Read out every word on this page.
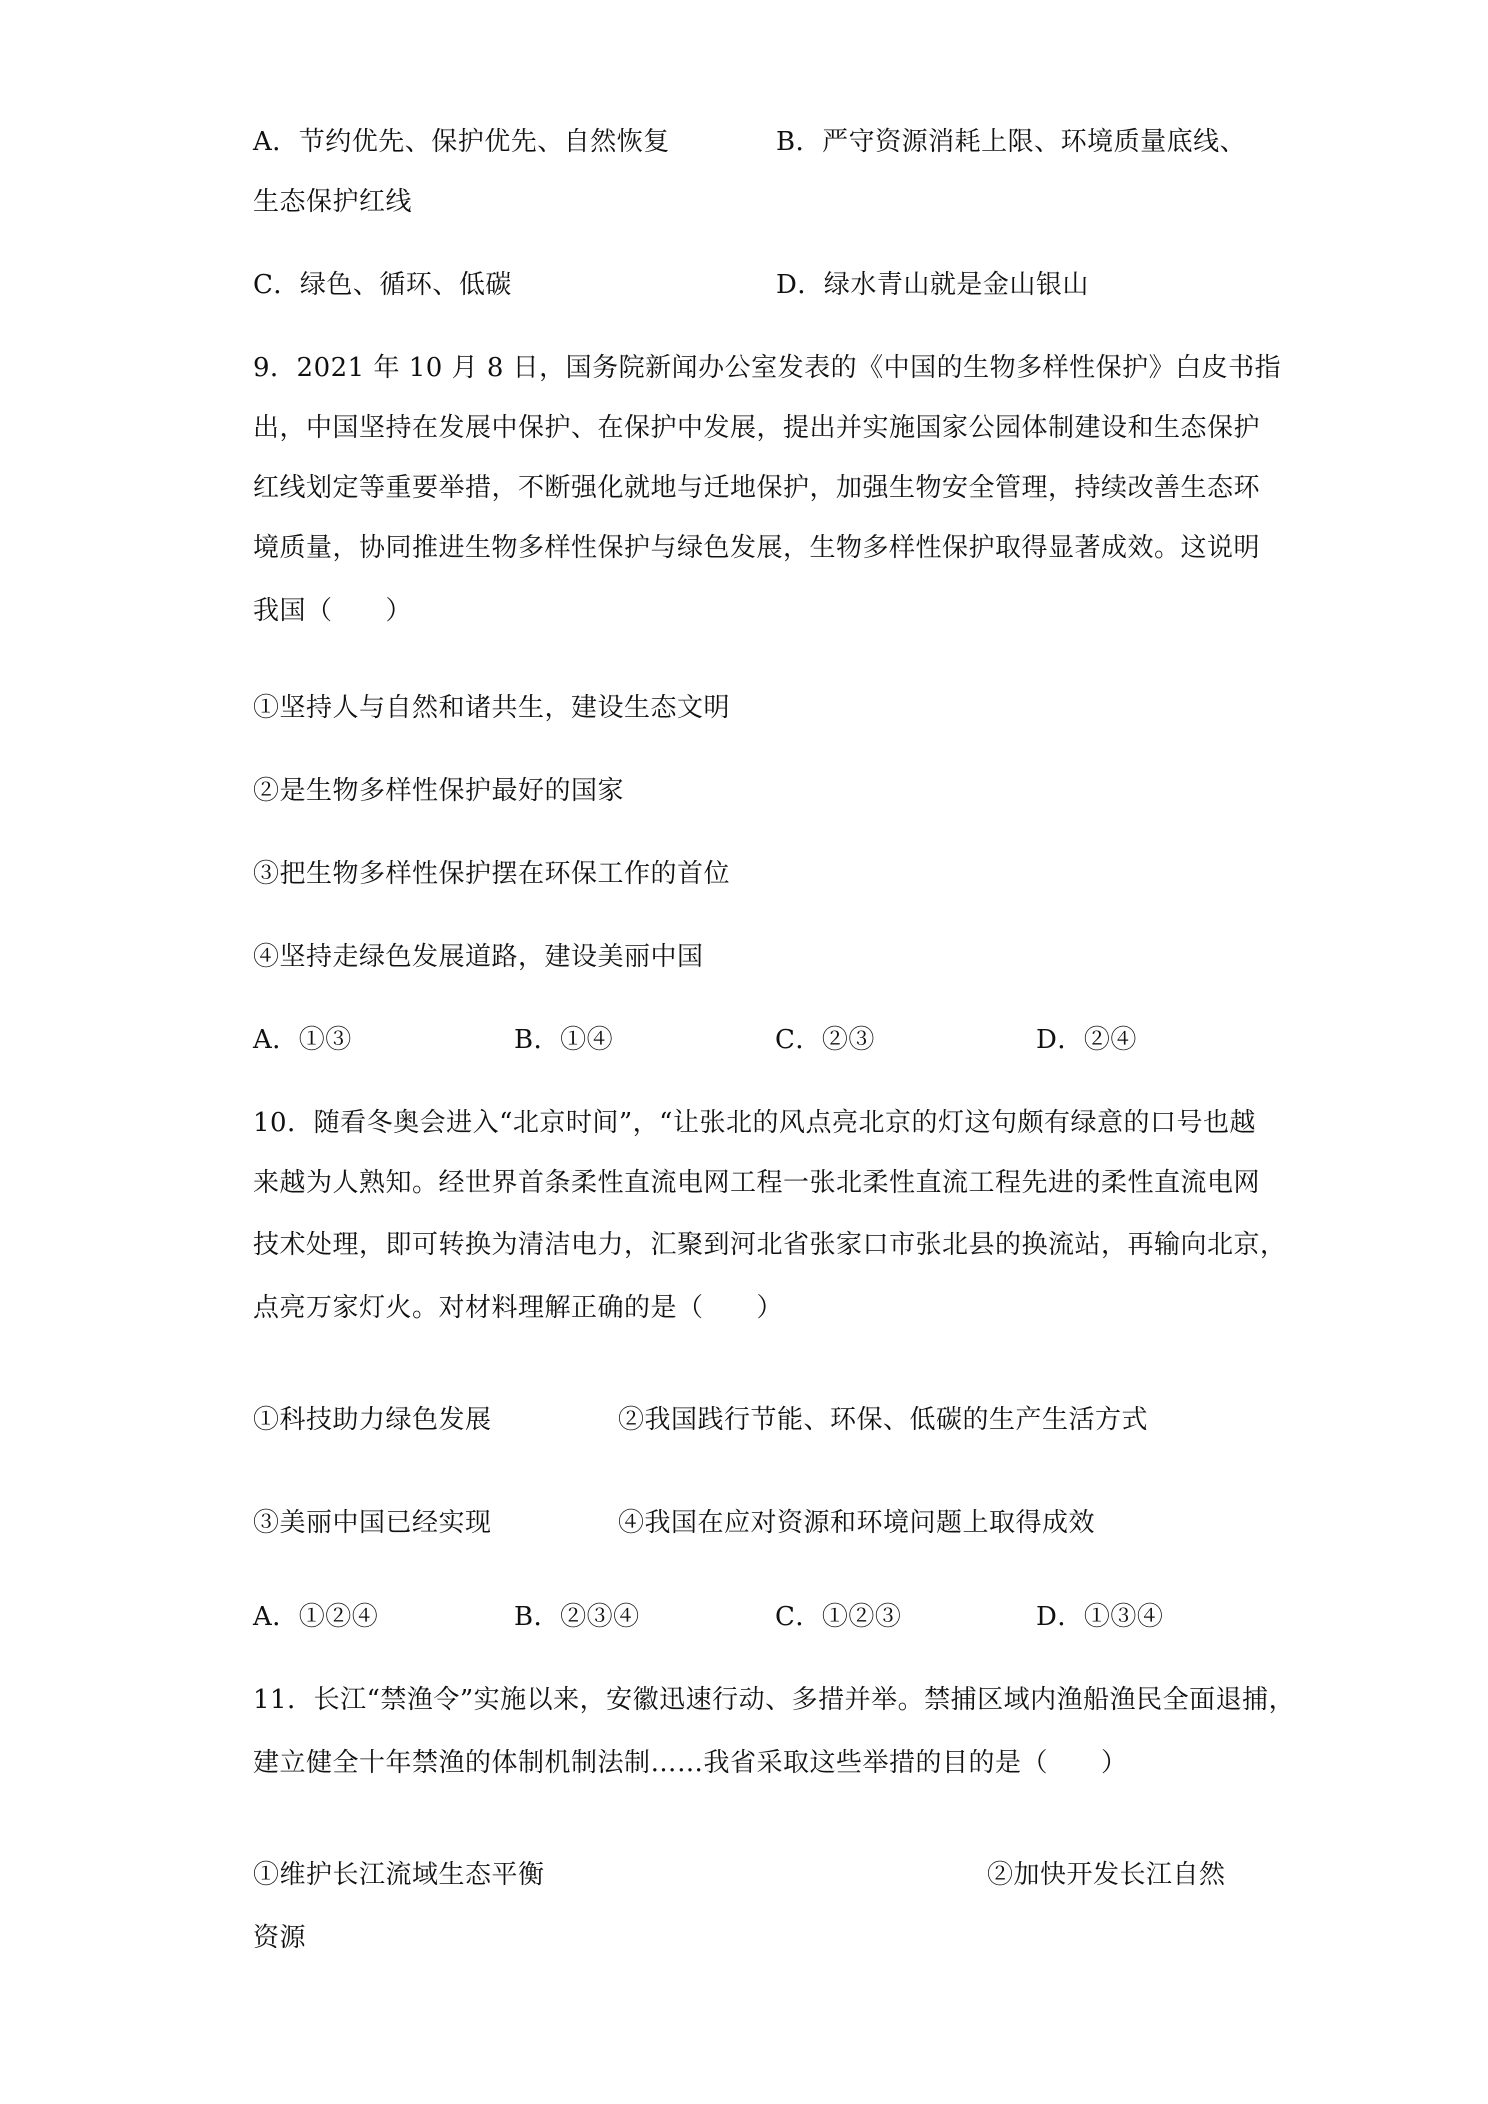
A．节约优先、保护优先、自然恢复	B．严守资源消耗上限、环境质量底线、
生态保护红线
C．绿色、循环、低碳	D．绿水青山就是金山银山
9．2021 年 10 月 8 日，国务院新闻办公室发表的《中国的生物多样性保护》白皮书指
出，中国坚持在发展中保护、在保护中发展，提出并实施国家公园体制建设和生态保护
红线划定等重要举措，不断强化就地与迁地保护，加强生物安全管理，持续改善生态环
境质量，协同推进生物多样性保护与绿色发展，生物多样性保护取得显著成效。这说明
我国（　　）
①坚持人与自然和诸共生，建设生态文明
②是生物多样性保护最好的国家
③把生物多样性保护摆在环保工作的首位
④坚持走绿色发展道路，建设美丽中国
A．①③	B．①④	C．②③	D．②④
10．随看冬奥会进入“北京时间”，“让张北的风点亮北京的灯这句颇有绿意的口号也越
来越为人熟知。经世界首条柔性直流电网工程一张北柔性直流工程先进的柔性直流电网
技术处理，即可转换为清洁电力，汇聚到河北省张家口市张北县的换流站，再输向北京，
点亮万家灯火。对材料理解正确的是（　　）
①科技助力绿色发展	②我国践行节能、环保、低碳的生产生活方式
③美丽中国已经实现	④我国在应对资源和环境问题上取得成效
A．①②④	B．②③④	C．①②③	D．①③④
11．长江“禁渔令”实施以来，安徽迅速行动、多措并举。禁捕区域内渔船渔民全面退捕，
建立健全十年禁渔的体制机制法制……我省采取这些举措的目的是（　　）
①维护长江流域生态平衡	②加快开发长江自然
资源
